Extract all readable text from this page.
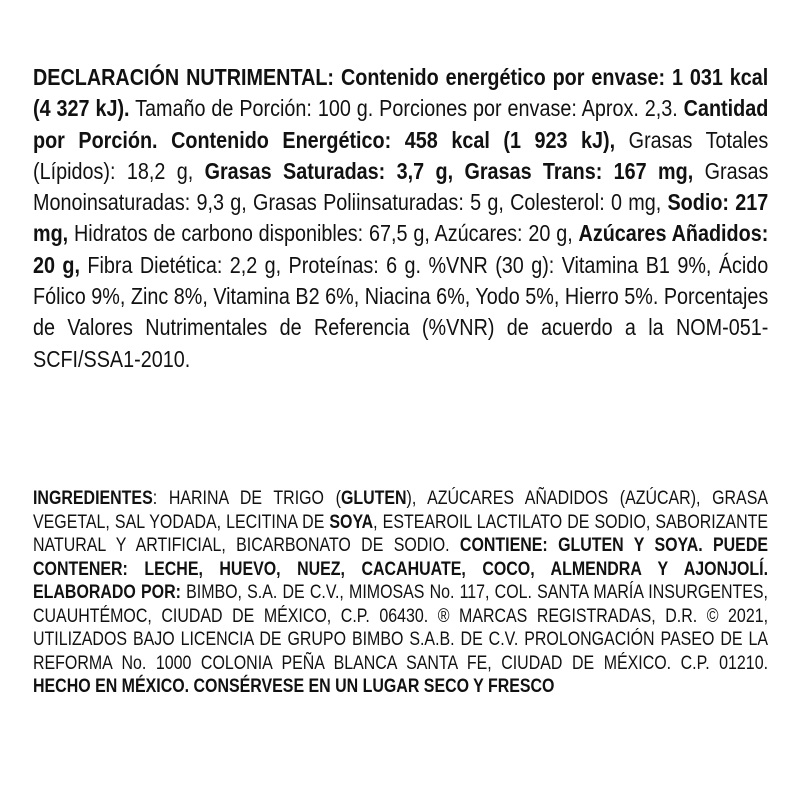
DECLARACIÓN NUTRIMENTAL: Contenido energético por envase: 1 031 kcal (4 327 kJ). Tamaño de Porción: 100 g. Porciones por envase: Aprox. 2,3. Cantidad por Porción. Contenido Energético: 458 kcal (1 923 kJ), Grasas Totales (Lípidos): 18,2 g, Grasas Saturadas: 3,7 g, Grasas Trans: 167 mg, Grasas Monoinsaturadas: 9,3 g, Grasas Poliinsaturadas: 5 g, Colesterol: 0 mg, Sodio: 217 mg, Hidratos de carbono disponibles: 67,5 g, Azúcares: 20 g, Azúcares Añadidos: 20 g, Fibra Dietética: 2,2 g, Proteínas: 6 g. %VNR (30 g): Vitamina B1 9%, Ácido Fólico 9%, Zinc 8%, Vitamina B2 6%, Niacina 6%, Yodo 5%, Hierro 5%. Porcentajes de Valores Nutrimentales de Referencia (%VNR) de acuerdo a la NOM-051-SCFI/SSA1-2010.

INGREDIENTES: HARINA DE TRIGO (GLUTEN), AZÚCARES AÑADIDOS (AZÚCAR), GRASA VEGETAL, SAL YODADA, LECITINA DE SOYA, ESTEAROIL LACTILATO DE SODIO, SABORIZANTE NATURAL Y ARTIFICIAL, BICARBONATO DE SODIO. CONTIENE: GLUTEN Y SOYA. PUEDE CONTENER: LECHE, HUEVO, NUEZ, CACAHUATE, COCO, ALMENDRA Y AJONJOLÍ. ELABORADO POR: BIMBO, S.A. DE C.V., MIMOSAS No. 117, COL. SANTA MARÍA INSURGENTES, CUAUHTÉMOC, CIUDAD DE MÉXICO, C.P. 06430. ® MARCAS REGISTRADAS, D.R. © 2021, UTILIZADOS BAJO LICENCIA DE GRUPO BIMBO S.A.B. DE C.V. PROLONGACIÓN PASEO DE LA REFORMA No. 1000 COLONIA PEÑA BLANCA SANTA FE, CIUDAD DE MÉXICO. C.P. 01210. HECHO EN MÉXICO. CONSÉRVESE EN UN LUGAR SECO Y FRESCO
